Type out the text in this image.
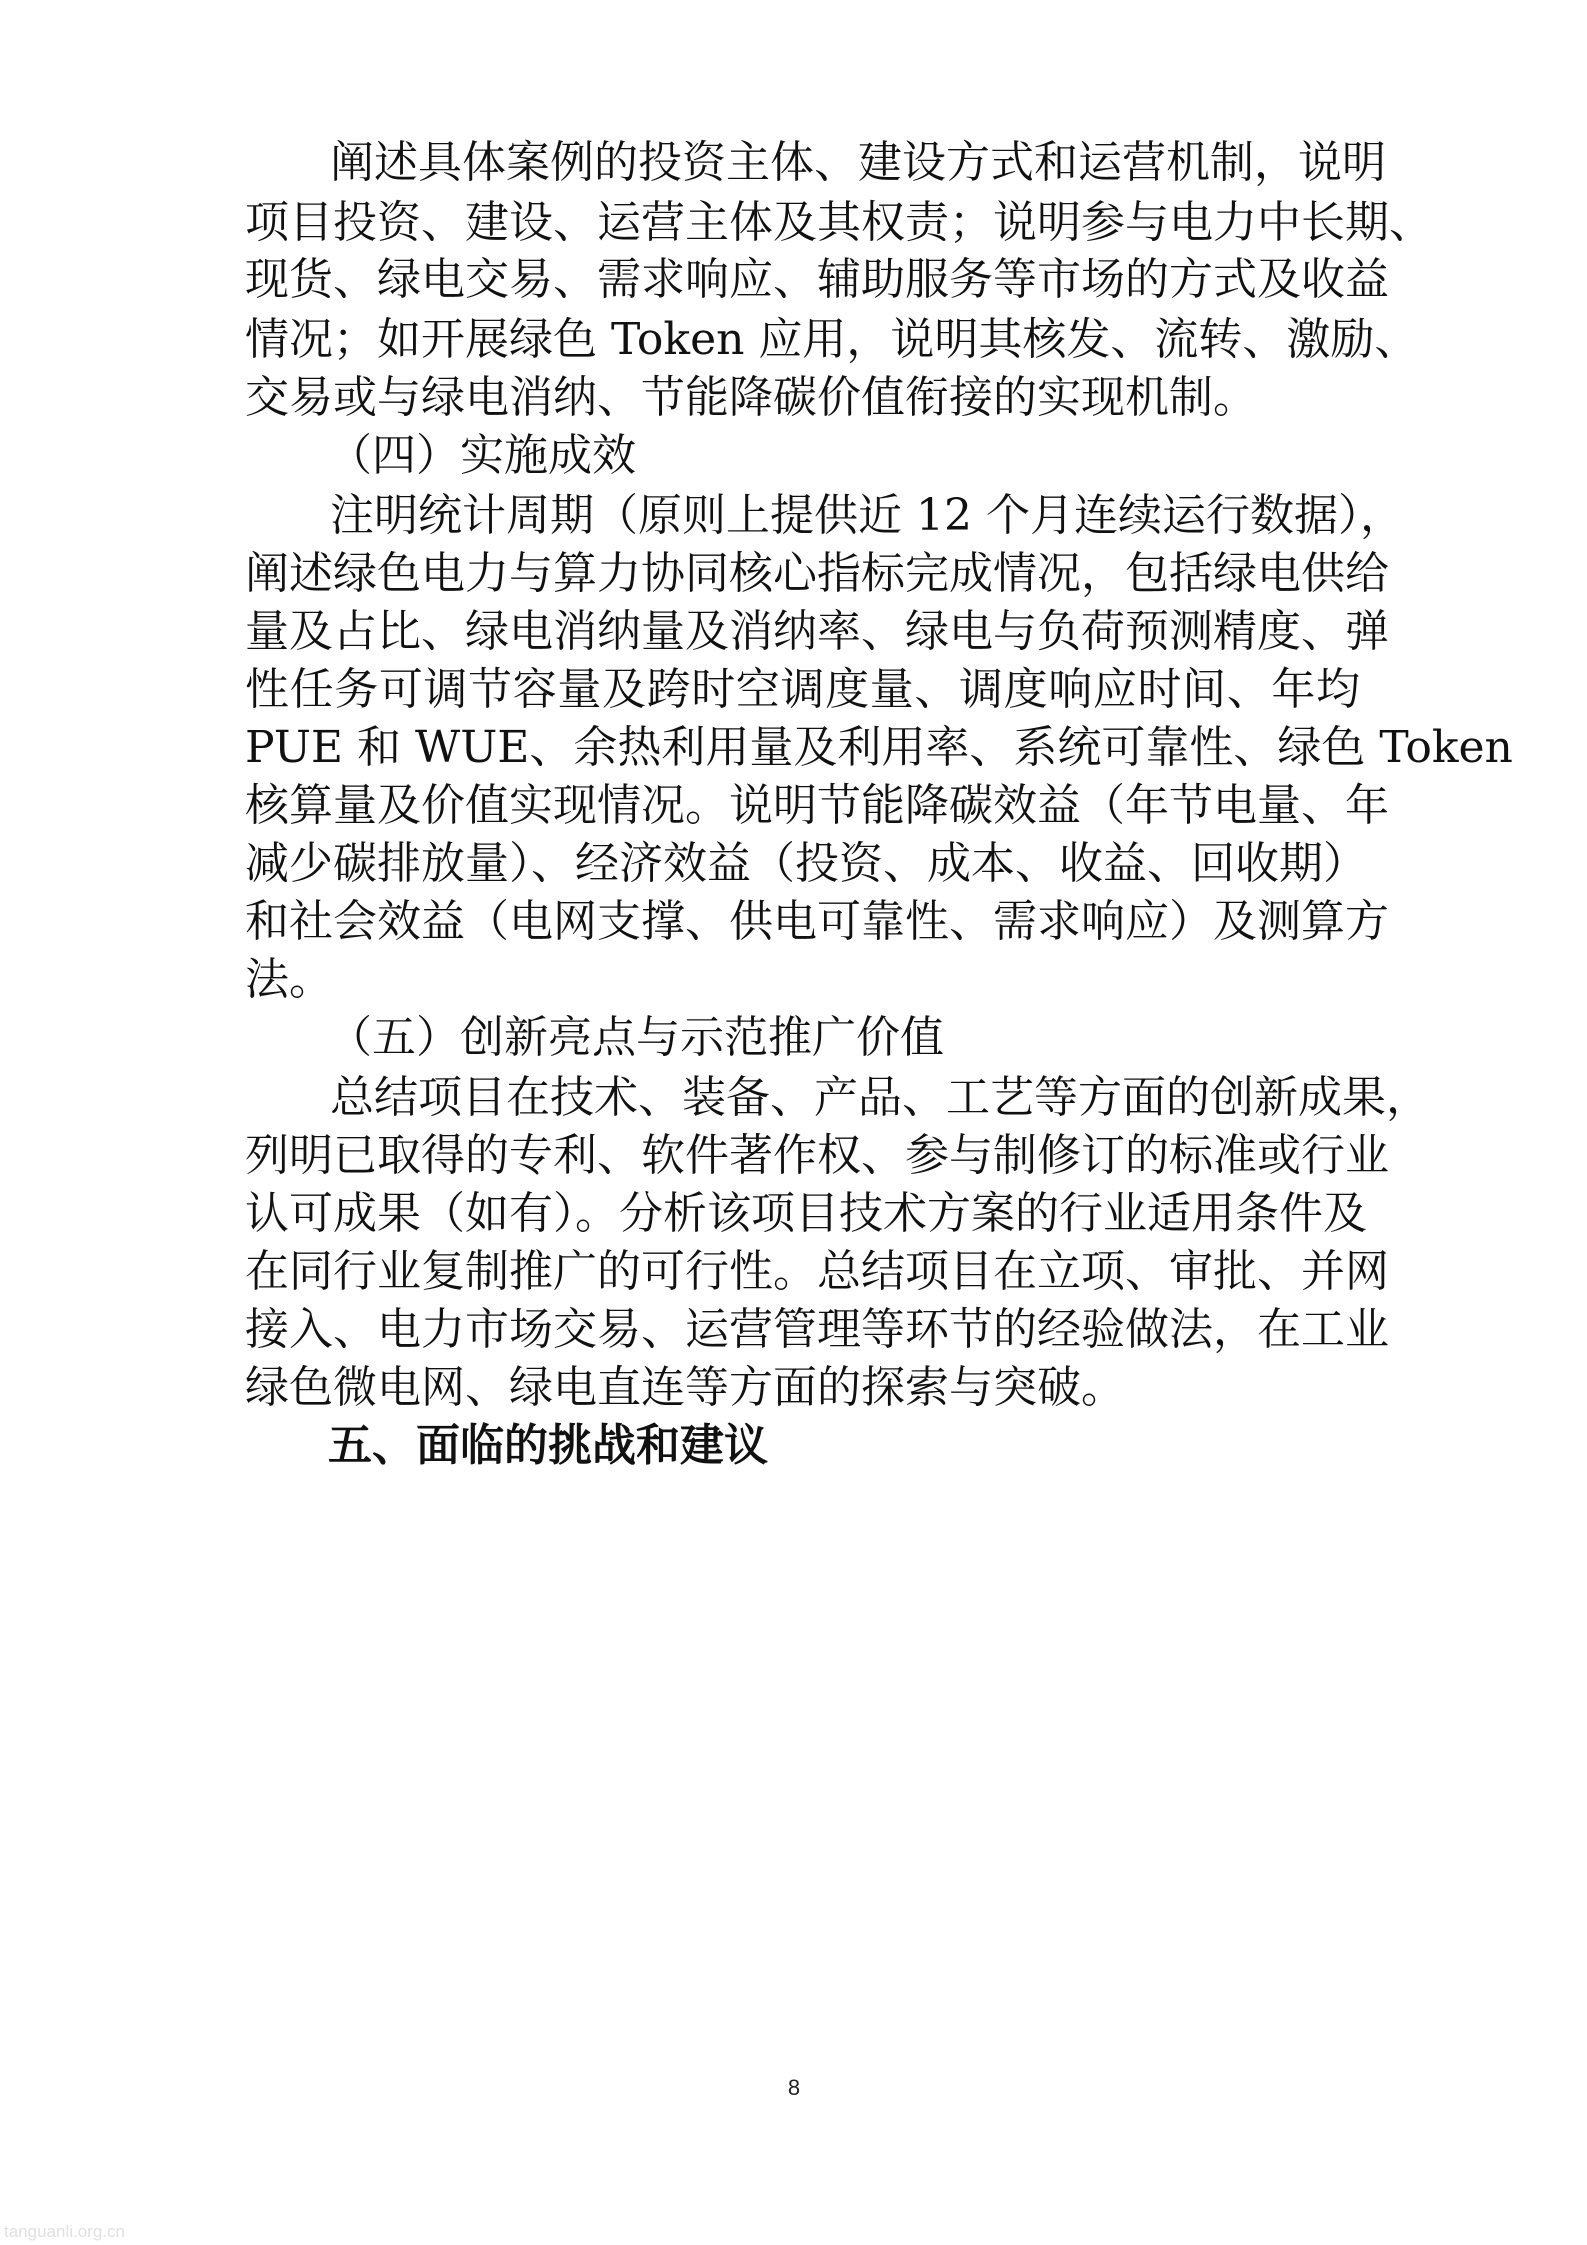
阐述具体案例的投资主体、建设方式和运营机制，说明
项目投资、建设、运营主体及其权责；说明参与电力中长期、
现货、绿电交易、需求响应、辅助服务等市场的方式及收益
情况；如开展绿色 Token 应用，说明其核发、流转、激励、
交易或与绿电消纳、节能降碳价值衔接的实现机制。
（四）实施成效
注明统计周期（原则上提供近 12 个月连续运行数据），
阐述绿色电力与算力协同核心指标完成情况，包括绿电供给
量及占比、绿电消纳量及消纳率、绿电与负荷预测精度、弹
性任务可调节容量及跨时空调度量、调度响应时间、年均
PUE 和 WUE、余热利用量及利用率、系统可靠性、绿色 Token
核算量及价值实现情况。说明节能降碳效益（年节电量、年
减少碳排放量）、经济效益（投资、成本、收益、回收期）
和社会效益（电网支撑、供电可靠性、需求响应）及测算方
法。
（五）创新亮点与示范推广价值
总结项目在技术、装备、产品、工艺等方面的创新成果，
列明已取得的专利、软件著作权、参与制修订的标准或行业
认可成果（如有）。分析该项目技术方案的行业适用条件及
在同行业复制推广的可行性。总结项目在立项、审批、并网
接入、电力市场交易、运营管理等环节的经验做法，在工业
绿色微电网、绿电直连等方面的探索与突破。
五、面临的挑战和建议
8
tanguanli.org.cn
